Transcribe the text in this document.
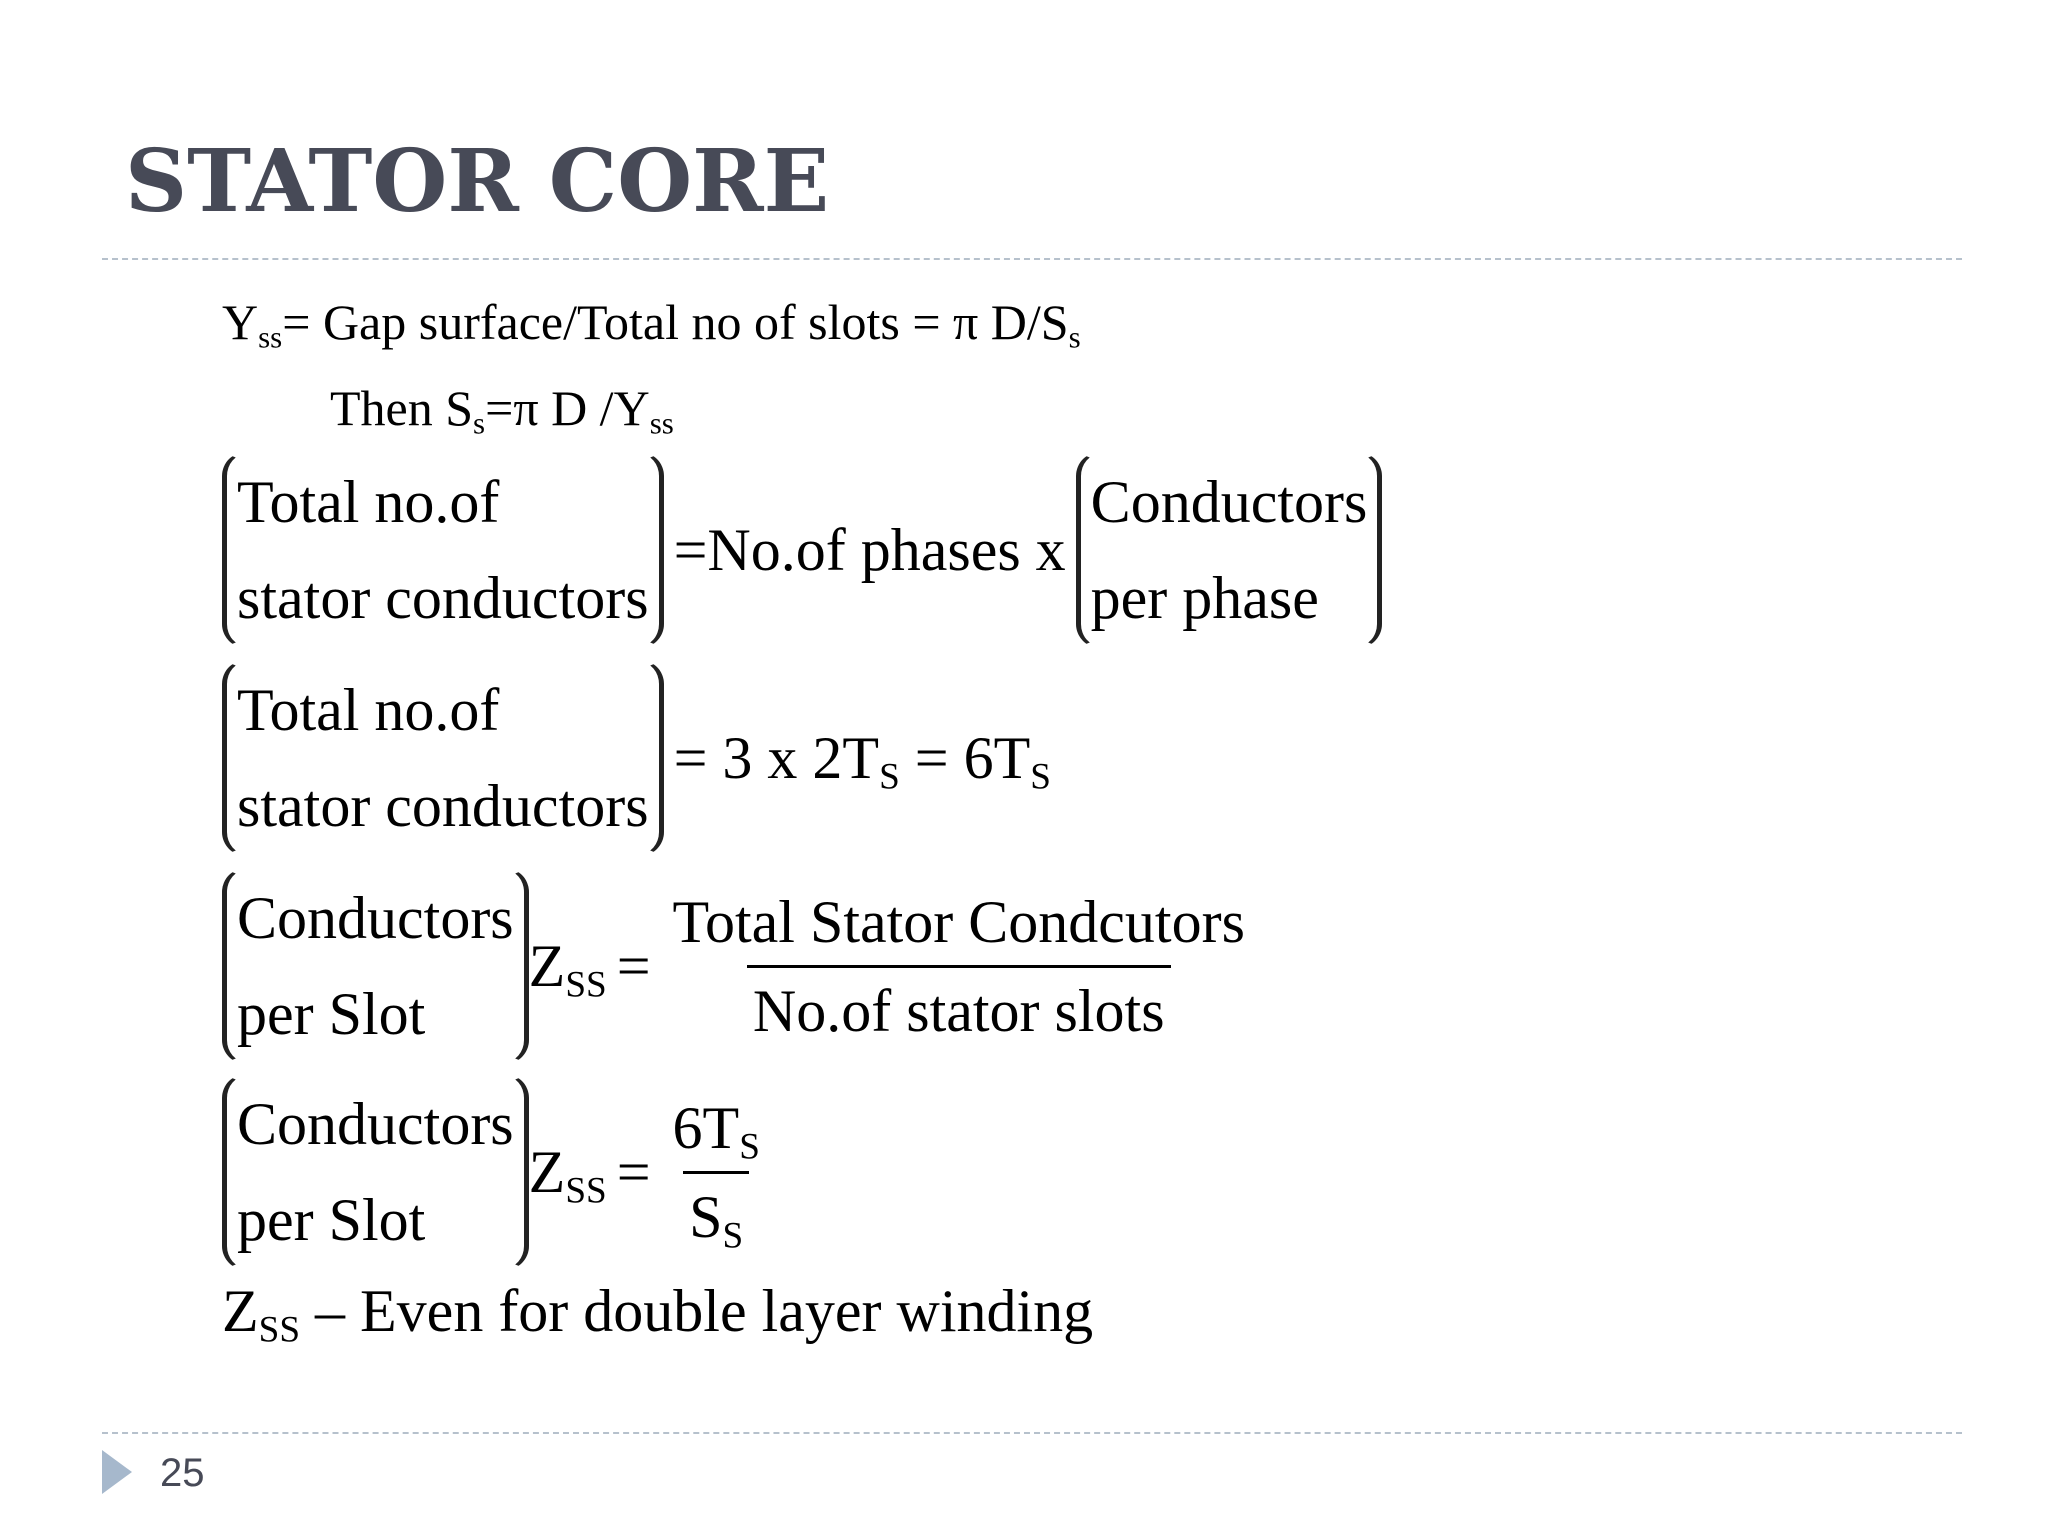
STATOR CORE
$Y_{ss}=$ Gap surface/Total no of slots = π $D/S_s$
Then $S_s=\pi$ D $/Y_{ss}$
Total no.of
stator conductors
=No.of phases x
Conductors
per phase
Total no.of
stator conductors
= 3 x $2T_S = 6T_S$
Conductors
per Slot
$Z_{SS} = \frac{\text{Total Stator Condcutors}}{\text{No.of stator slots}}$
Conductors
per Slot
$Z_{SS} = \frac{6T_S}{S_S}$
$Z_{SS}$ – Even for double layer winding
25
